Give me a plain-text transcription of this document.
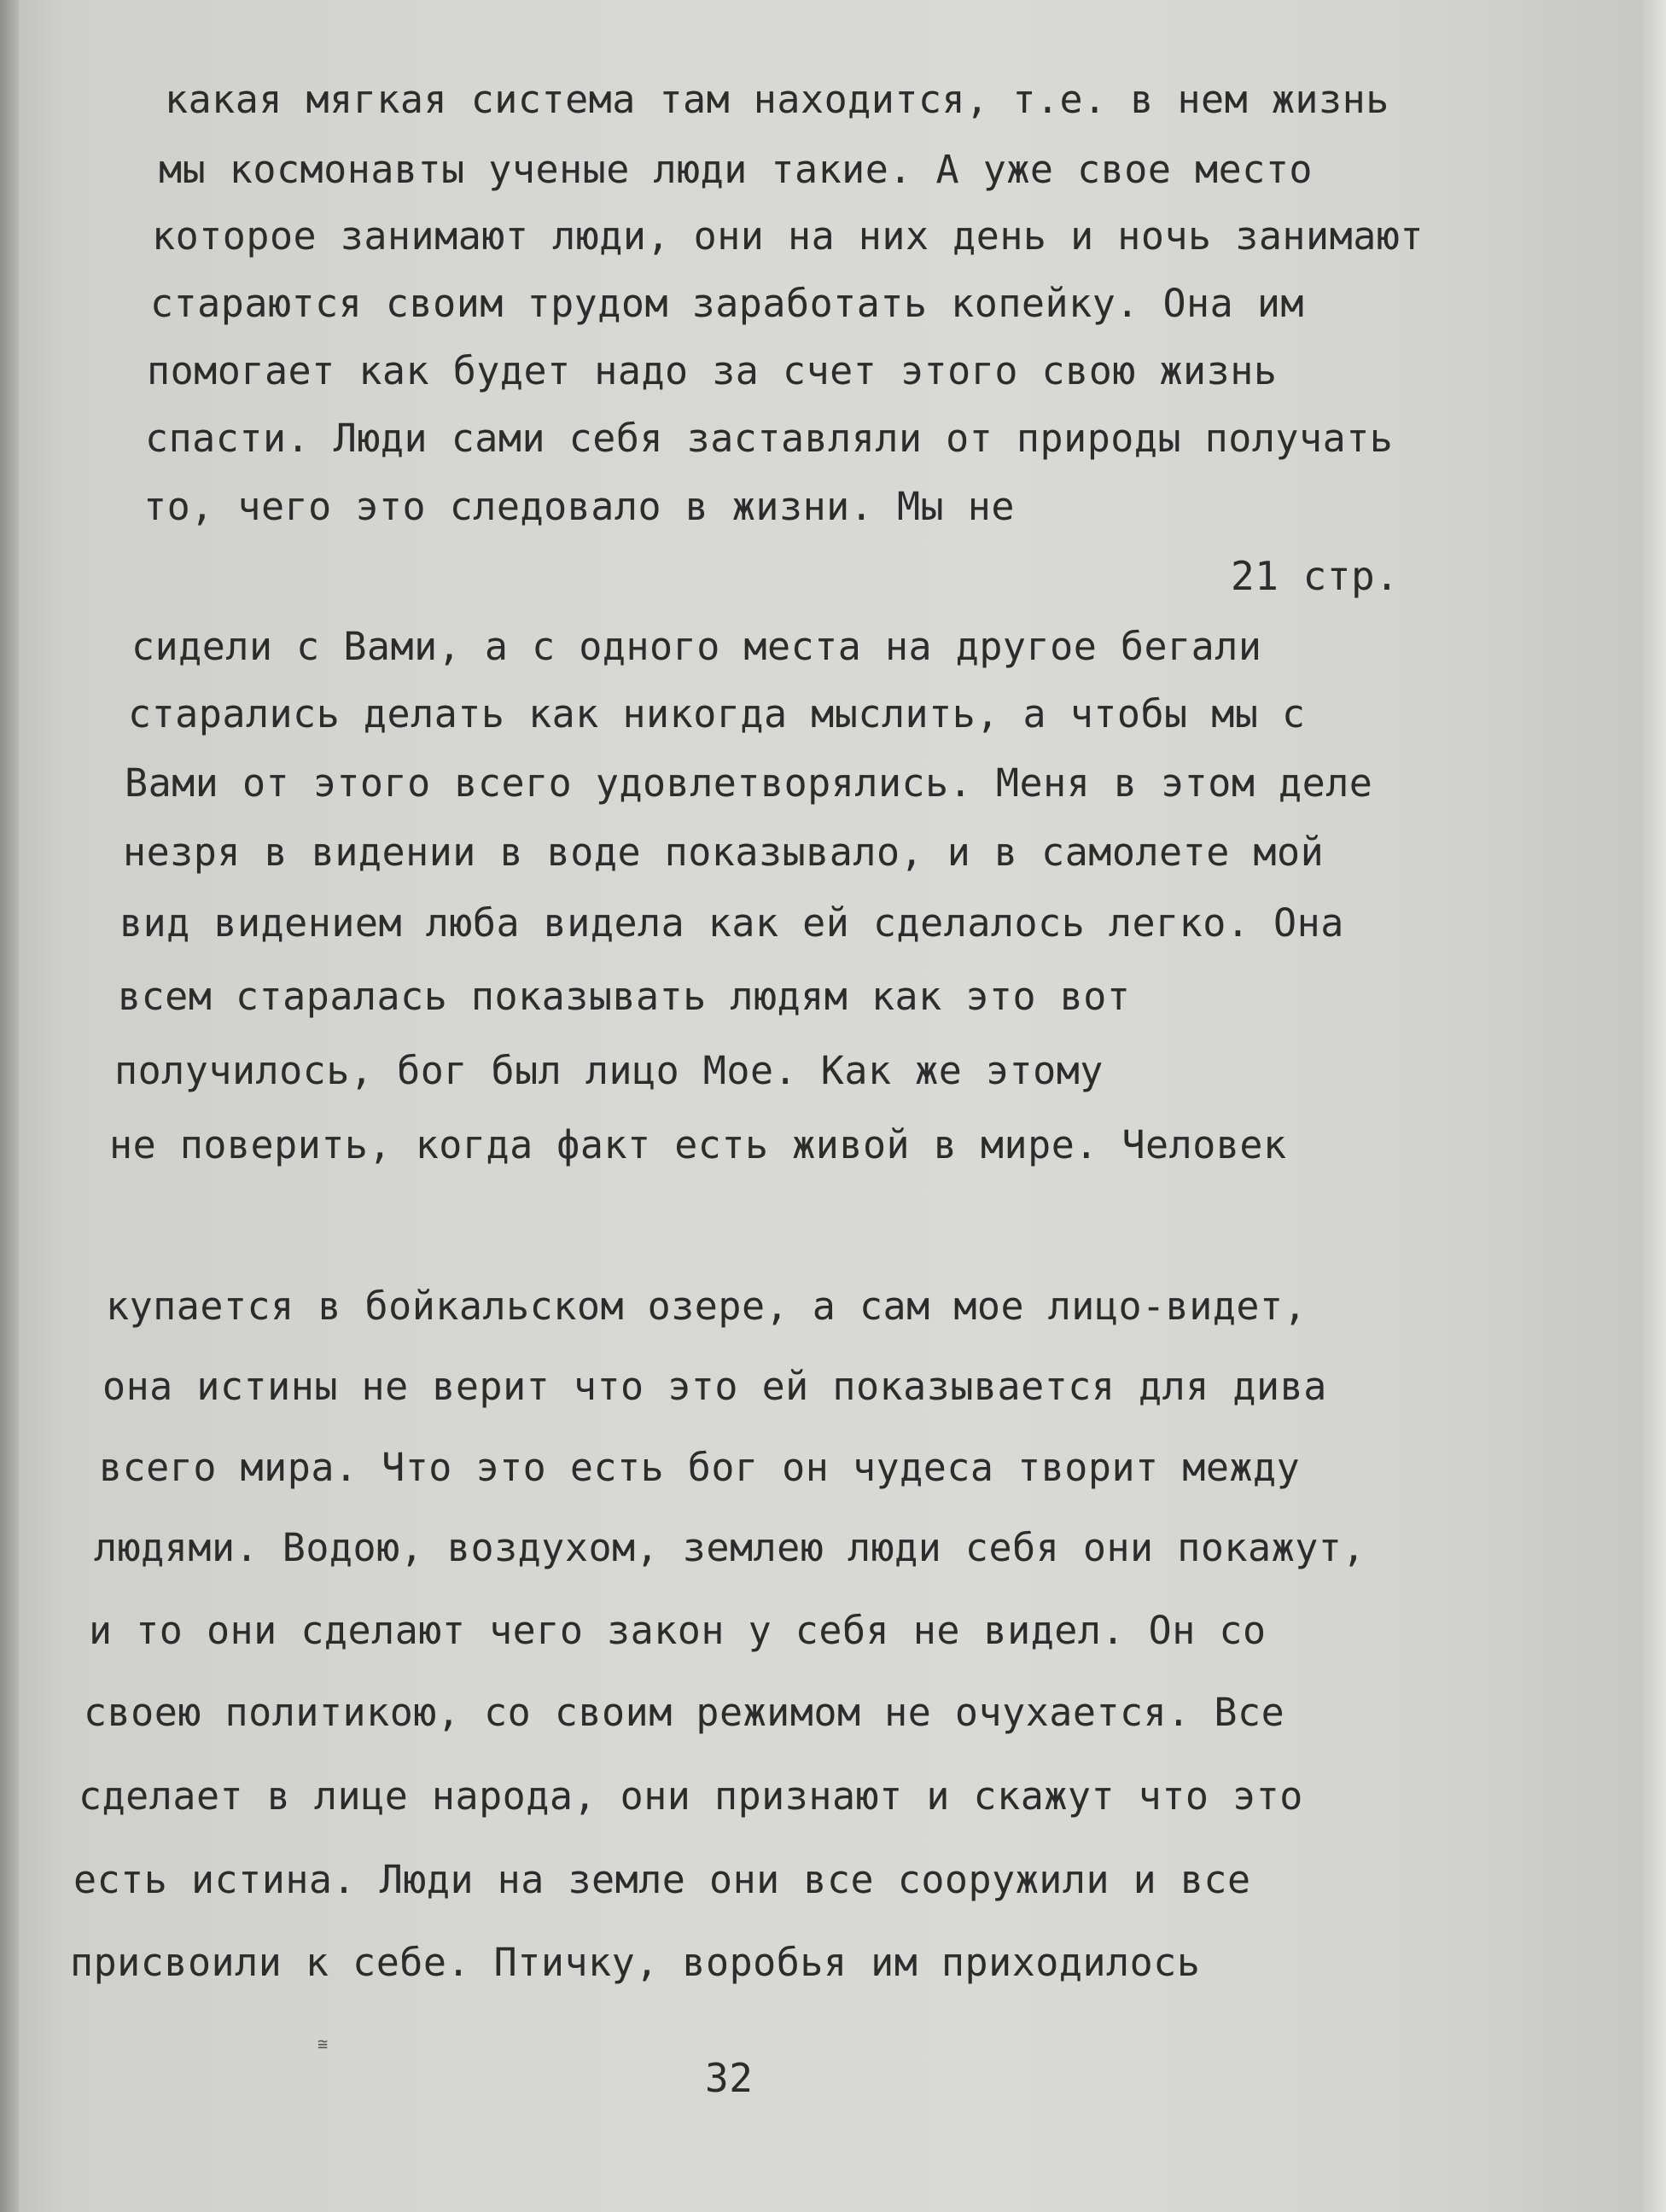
какая мягкая система там находится, т.е. в нем жизнь

мы космонавты ученые люди такие. А уже свое место

которое занимают люди, они на них день и ночь занимают

стараются своим трудом заработать копейку. Она им

помогает как будет надо за счет этого свою жизнь

спасти. Люди сами себя заставляли от природы получать

то, чего это следовало в жизни. Мы не

21 стр.

сидели с Вами, а с одного места на другое бегали

старались делать как никогда мыслить, а чтобы мы с

Вами от этого всего удовлетворялись. Меня в этом деле

незря в видении в воде показывало, и в самолете мой

вид видением люба видела как ей сделалось легко. Она

всем старалась показывать людям как это вот

получилось, бог был лицо Мое. Как же этому

не поверить, когда факт есть живой в мире. Человек

купается в бойкальском озере, а сам мое лицо-видет,

она истины не верит что это ей показывается для дива

всего мира. Что это есть бог он чудеса творит между

людями. Водою, воздухом, землею люди себя они покажут,

и то они сделают чего закон у себя не видел. Он со

своею политикою, со своим режимом не очухается. Все

сделает в лице народа, они признают и скажут что это

есть истина. Люди на земле они все сооружили и все

присвоили к себе. Птичку, воробья им приходилось

≅
32
